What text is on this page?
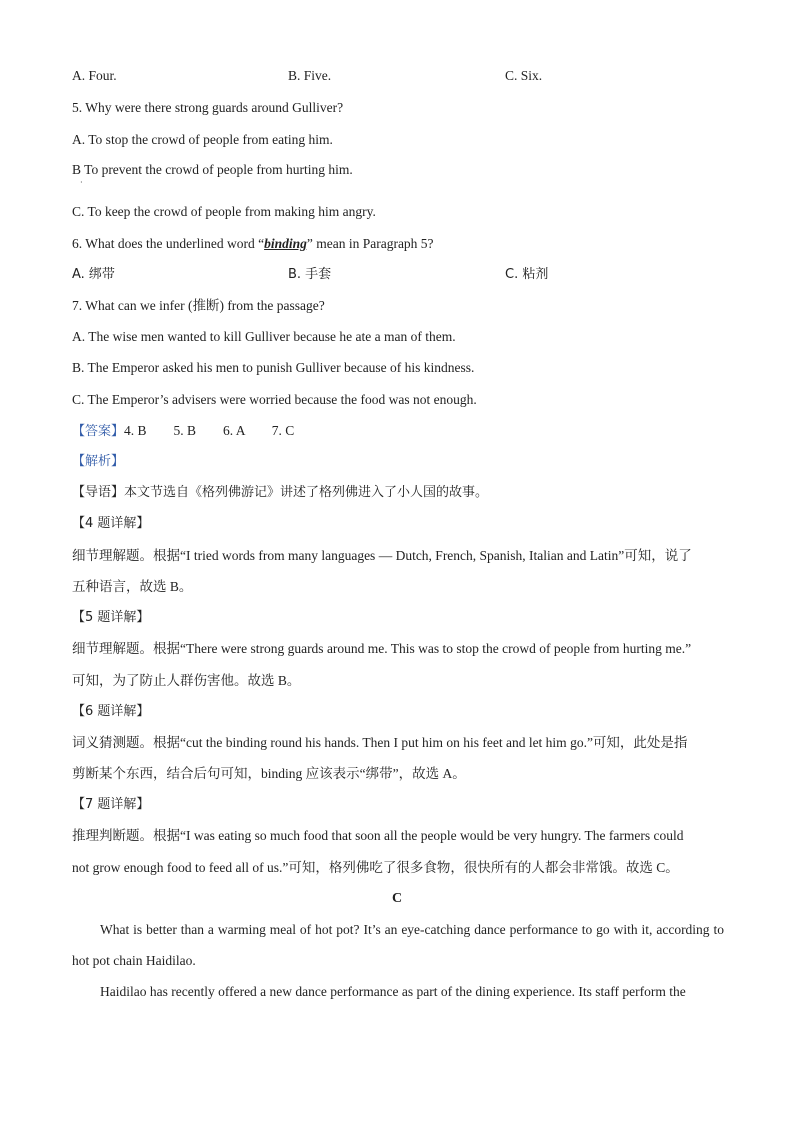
A. Four.	B. Five.	C. Six.
5. Why were there strong guards around Gulliver?
A. To stop the crowd of people from eating him.
B To prevent the crowd of people from hurting him.
·
C. To keep the crowd of people from making him angry.
6. What does the underlined word “binding” mean in Paragraph 5?
A. 绑带	B. 手套	C. 粘剂
7. What can we infer (推断) from the passage?
A. The wise men wanted to kill Gulliver because he ate a man of them.
B. The Emperor asked his men to punish Gulliver because of his kindness.
C. The Emperor’s advisers were worried because the food was not enough.
【答案】4. B        5. B        6. A        7. C
【解析】
【导语】本文节选自《格列佛游记》讲述了格列佛进入了小人国的故事。
【4 题详解】
细节理解题。根据“I tried words from many languages — Dutch, French, Spanish, Italian and Latin”可知，说了
五种语言，故选 B。
【5 题详解】
细节理解题。根据“There were strong guards around me. This was to stop the crowd of people from hurting me.”
可知，为了防止人群伤害他。故选 B。
【6 题详解】
词义猜测题。根据“cut the binding round his hands. Then I put him on his feet and let him go.”可知，此处是指
剪断某个东西，结合后句可知，binding 应该表示“绑带”，故选 A。
【7 题详解】
推理判断题。根据“I was eating so much food that soon all the people would be very hungry. The farmers could
not grow enough food to feed all of us.”可知，格列佛吃了很多食物，很快所有的人都会非常饿。故选 C。
C
What is better than a warming meal of hot pot? It’s an eye-catching dance performance to go with it, according to hot pot chain Haidilao.
Haidilao has recently offered a new dance performance as part of the dining experience. Its staff perform the
